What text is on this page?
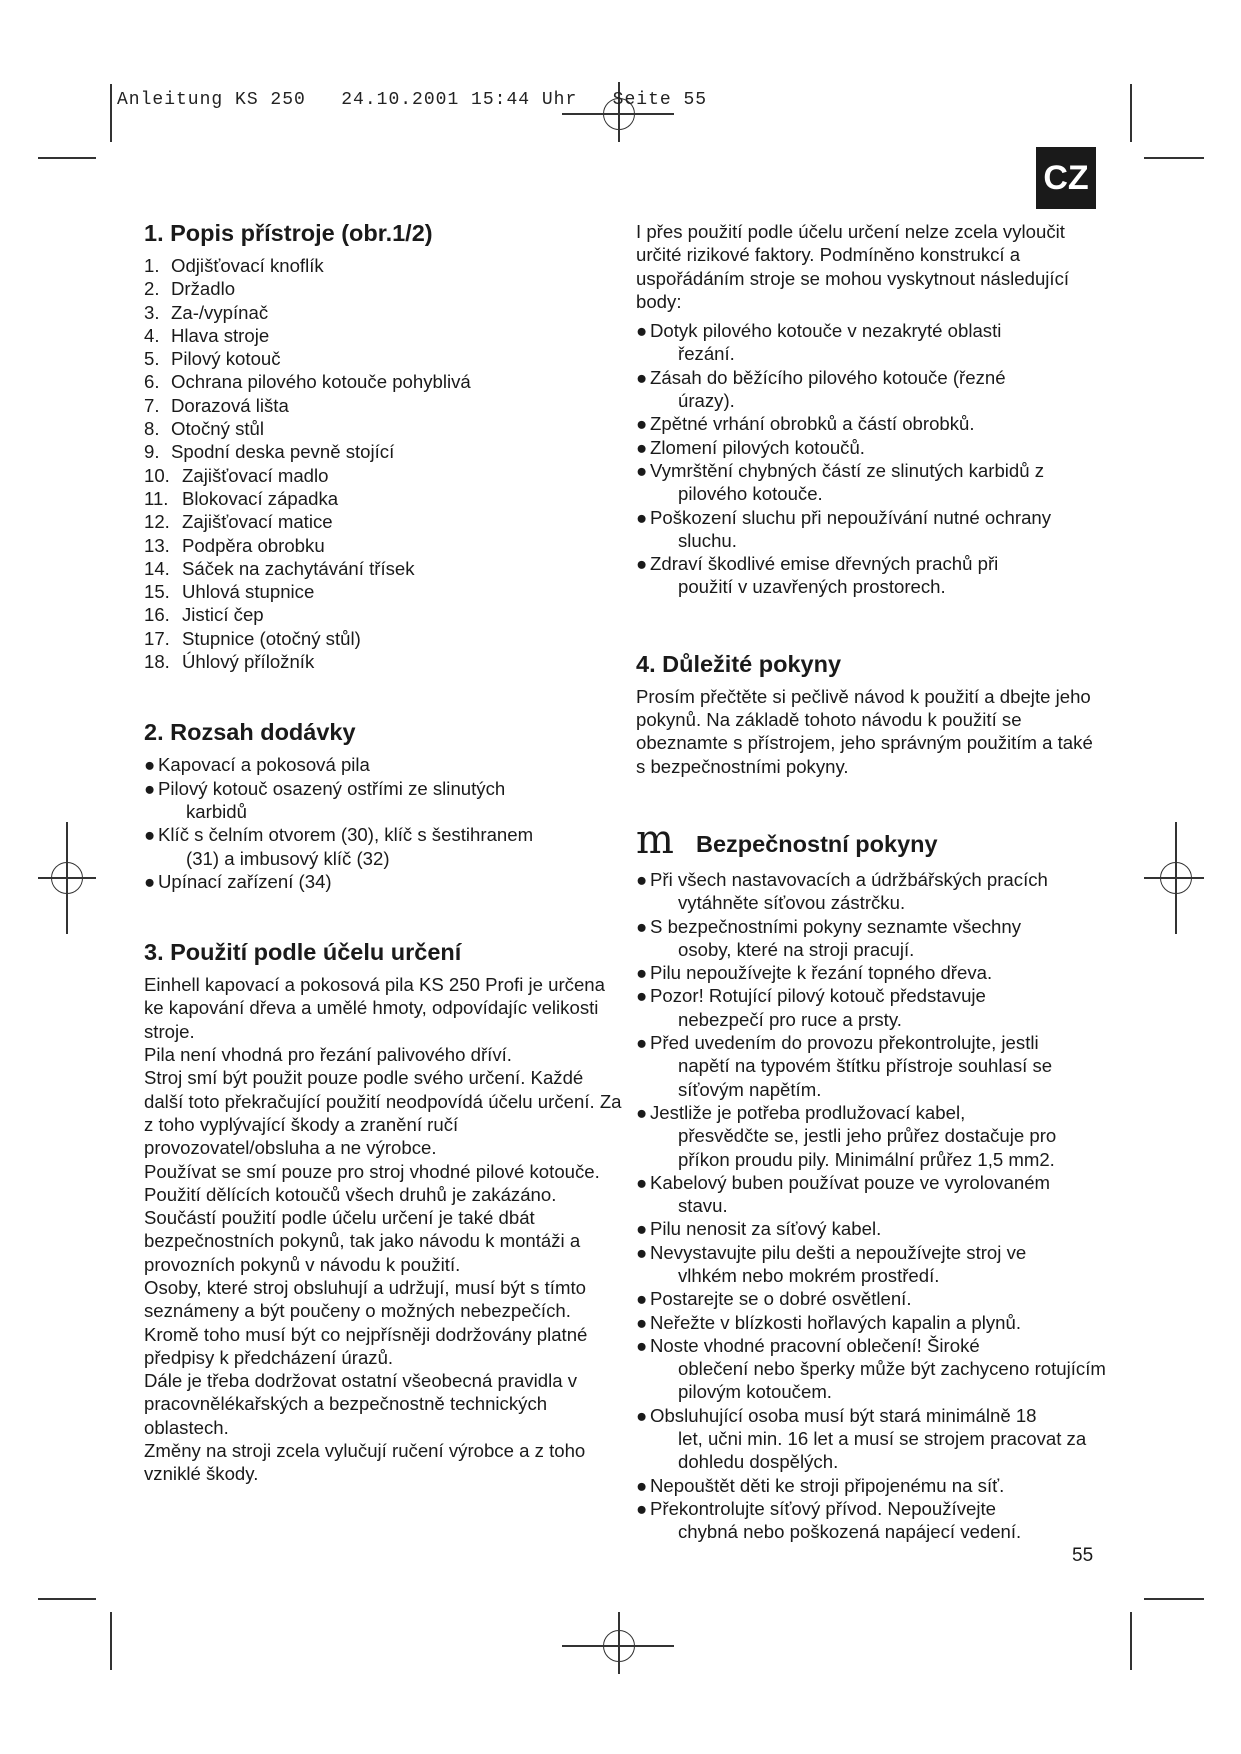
Anleitung KS 250   24.10.2001 15:44 Uhr   Seite 55
CZ
1. Popis přístroje (obr.1/2)
1. Odjišťovací knoflík
2. Držadlo
3. Za-/vypínač
4. Hlava stroje
5. Pilový kotouč
6. Ochrana pilového kotouče pohyblivá
7. Dorazová lišta
8. Otočný stůl
9. Spodní deska pevně stojící
10. Zajišťovací madlo
11. Blokovací západka
12. Zajišťovací matice
13. Podpěra obrobku
14. Sáček na zachytávání třísek
15. Uhlová stupnice
16. Jisticí čep
17. Stupnice (otočný stůl)
18. Úhlový příložník
2. Rozsah dodávky
● Kapovací a pokosová pila
● Pilový kotouč osazený ostřími ze slinutých
karbidů
● Klíč s čelním otvorem (30), klíč s šestihranem
(31) a imbusový klíč (32)
● Upínací zařízení (34)
3. Použití podle účelu určení

Einhell kapovací a pokosová pila KS 250 Profi je určena ke kapování dřeva a umělé hmoty, odpovídajíc velikosti stroje.

Pila není vhodná pro řezání palivového dříví.

Stroj smí být použit pouze podle svého určení. Každé další toto překračující použití neodpovídá účelu určení. Za z toho vyplývající škody a zranění ručí provozovatel/obsluha a ne výrobce.

Používat se smí pouze pro stroj vhodné pilové kotouče. Použití dělících kotoučů všech druhů je zakázáno.

Součástí použití podle účelu určení je také dbát bezpečnostních pokynů, tak jako návodu k montáži a provozních pokynů v návodu k použití.

Osoby, které stroj obsluhují a udržují, musí být s tímto seznámeny a být poučeny o možných nebezpečích.

Kromě toho musí být co nejpřísněji dodržovány platné předpisy k předcházení úrazů.

Dále je třeba dodržovat ostatní všeobecná pravidla v pracovnělékařských a bezpečnostně technických oblastech.

Změny na stroji zcela vylučují ručení výrobce a z toho vzniklé škody.

I přes použití podle účelu určení nelze zcela vyloučit určité rizikové faktory. Podmíněno konstrukcí a uspořádáním stroje se mohou vyskytnout následující body:

● Dotyk pilového kotouče v nezakryté oblasti
řezání.
● Zásah do běžícího pilového kotouče (řezné
úrazy).
● Zpětné vrhání obrobků a částí obrobků.
● Zlomení pilových kotoučů.
● Vymrštění chybných částí ze slinutých karbidů z
pilového kotouče.
● Poškození sluchu při nepoužívání nutné ochrany
sluchu.
● Zdraví škodlivé emise dřevných prachů při
použití v uzavřených prostorech.
4. Důležité pokyny

Prosím přečtěte si pečlivě návod k použití a dbejte jeho pokynů. Na základě tohoto návodu k použití se obeznamte s přístrojem, jeho správným použitím a také s bezpečnostními pokyny.

m Bezpečnostní pokyny
● Při všech nastavovacích a údržbářských pracích
vytáhněte síťovou zástrčku.
● S bezpečnostními pokyny seznamte všechny
osoby, které na stroji pracují.
● Pilu nepoužívejte k řezání topného dřeva.
● Pozor! Rotující pilový kotouč představuje
nebezpečí pro ruce a prsty.
● Před uvedením do provozu překontrolujte, jestli
napětí na typovém štítku přístroje souhlasí se síťovým napětím.
● Jestliže je potřeba prodlužovací kabel,
přesvědčte se, jestli jeho průřez dostačuje pro příkon proudu pily. Minimální průřez 1,5 mm2.
● Kabelový buben používat pouze ve vyrolovaném
stavu.
● Pilu nenosit za síťový kabel.
● Nevystavujte pilu dešti a nepoužívejte stroj ve
vlhkém nebo mokrém prostředí.
● Postarejte se o dobré osvětlení.
● Neřežte v blízkosti hořlavých kapalin a plynů.
● Noste vhodné pracovní oblečení! Široké
oblečení nebo šperky může být zachyceno rotujícím pilovým kotoučem.
● Obsluhující osoba musí být stará minimálně 18
let, učni min. 16 let a musí se strojem pracovat za dohledu dospělých.
● Nepouštět děti ke stroji připojenému na síť.
● Překontrolujte síťový přívod. Nepoužívejte
chybná nebo poškozená napájecí vedení.
55
